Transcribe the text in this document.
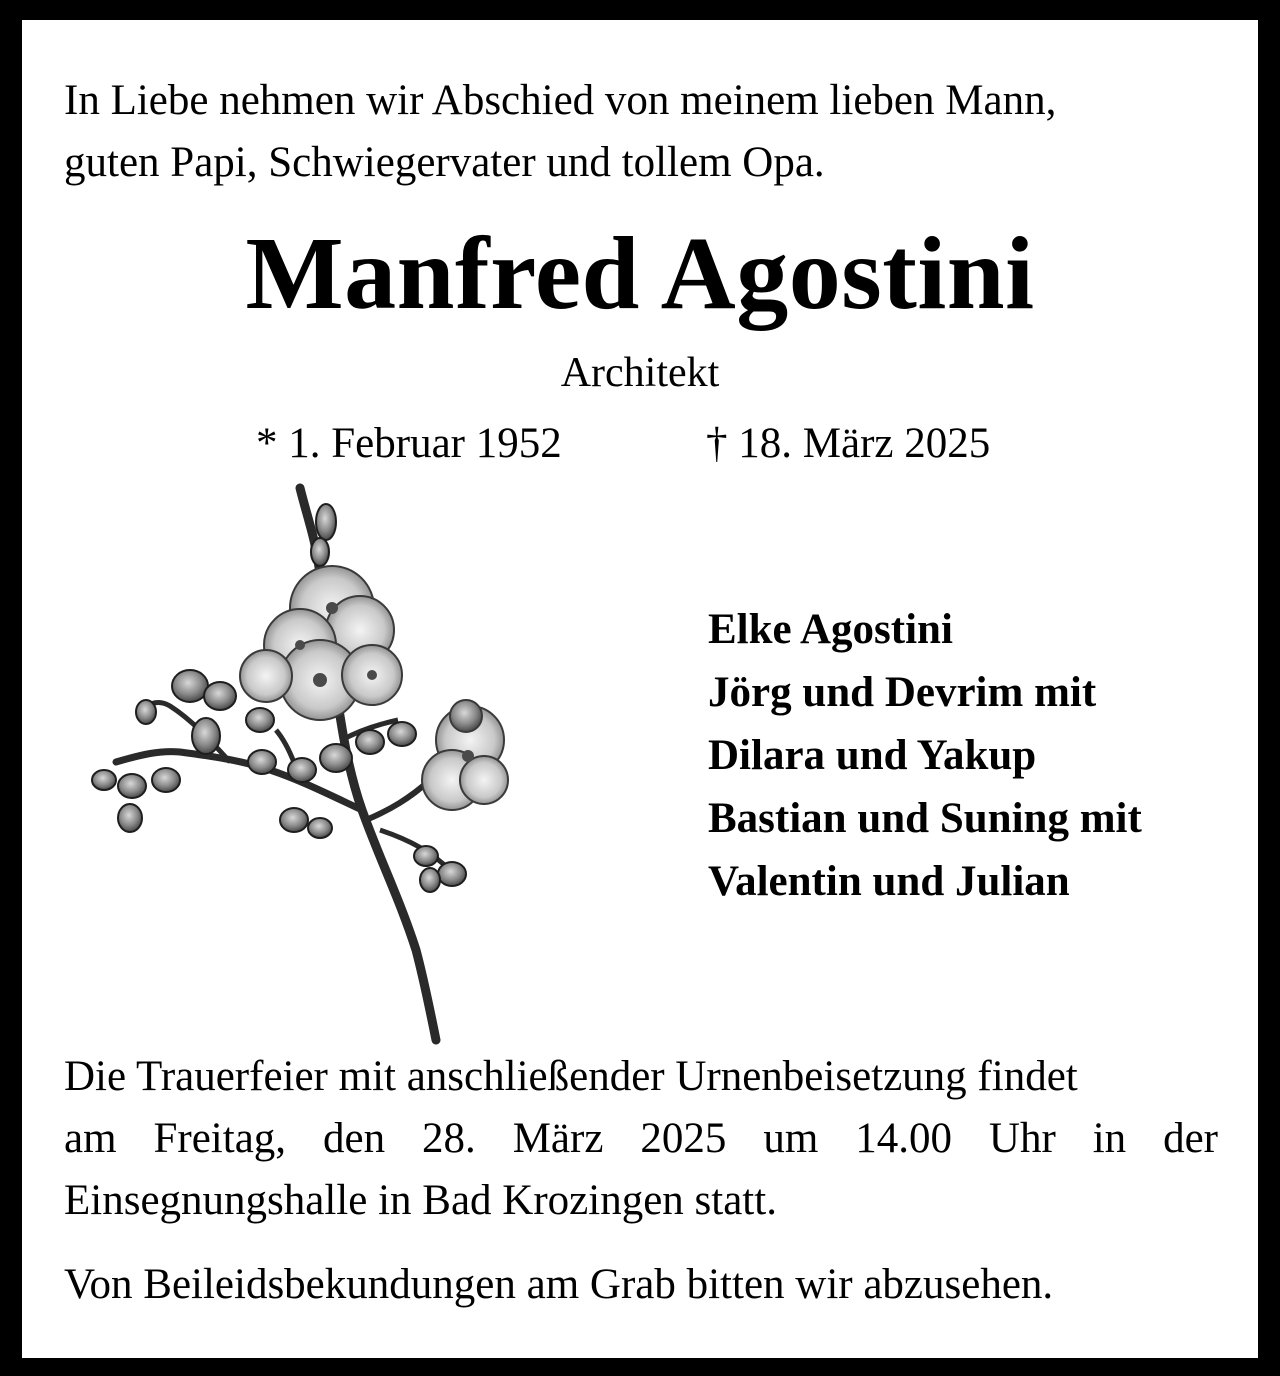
In Liebe nehmen wir Abschied von meinem lieben Mann,
guten Papi, Schwiegervater und tollem Opa.
Manfred Agostini
Architekt
* 1. Februar 1952	† 18. März 2025
Elke Agostini
Jörg und Devrim mit
Dilara und Yakup
Bastian und Suning mit
Valentin und Julian
Die Trauerfeier mit anschließender Urnenbeisetzung findet
am Freitag, den 28. März 2025 um 14.00 Uhr in der
Einsegnungshalle in Bad Krozingen statt.
Von Beileidsbekundungen am Grab bitten wir abzusehen.
